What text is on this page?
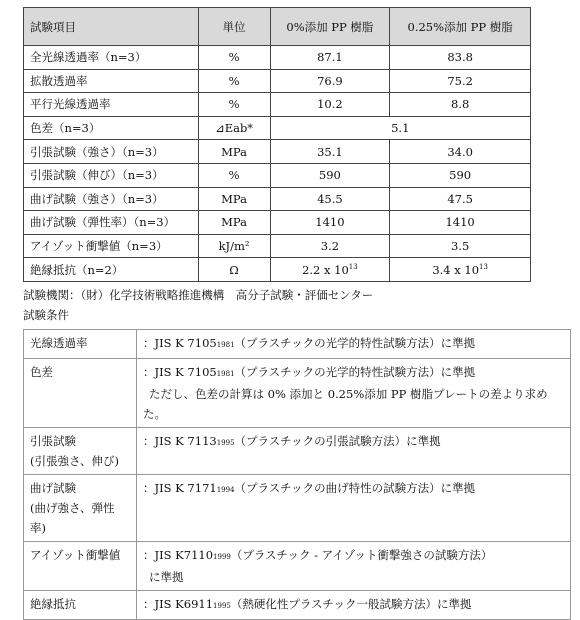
試験項目	単位	0%添加 PP 樹脂	0.25%添加 PP 樹脂
全光線透過率（n=3）	%	87.1	83.8
拡散透過率	%	76.9	75.2
平行光線透過率	%	10.2	8.8
色差（n=3）	⊿Eab*	5.1	
引張試験（強さ）（n=3）	MPa	35.1	34.0
引張試験（伸び）（n=3）	%	590	590
曲げ試験（強さ）（n=3）	MPa	45.5	47.5
曲げ試験（弾性率）（n=3）	MPa	1410	1410
アイゾット衝撃値（n=3）	kJ/m²	3.2	3.5
絶縁抵抗（n=2）	Ω	2.2 x $10^{13}$	3.4 x $10^{13}$
試験機関：（財）化学技術戦略推進機構　高分子試験・評価センター
試験条件
光線透過率	：JIS K 71051981（プラスチックの光学的特性試験方法）に準拠
色差	：JIS K 71051981（プラスチックの光学的特性試験方法）に準拠
ただし、色差の計算は 0% 添加と 0.25%添加 PP 樹脂プレートの差より求めた。
引張試験
(引張強さ、伸び)	：JIS K 71131995（プラスチックの引張試験方法）に準拠
曲げ試験
(曲げ強さ、弾性率)	：JIS K 71711994（プラスチックの曲げ特性の試験方法）に準拠
アイゾット衝撃値	：JIS K71101999（プラスチック - アイゾット衝撃強さの試験方法）
に準拠
絶縁抵抗	：JIS K69111995（熱硬化性プラスチック一般試験方法）に準拠
